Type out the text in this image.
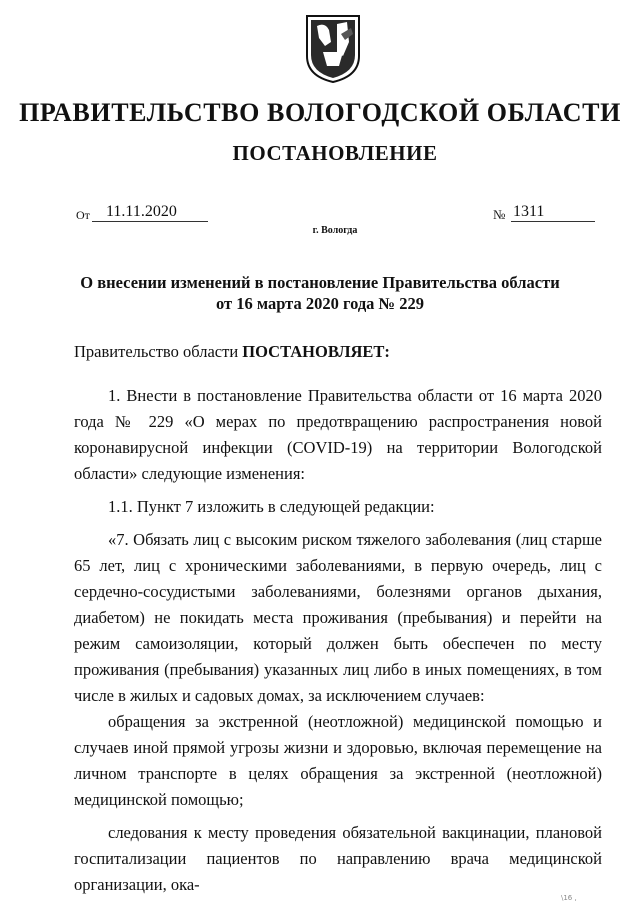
ПРАВИТЕЛЬСТВО ВОЛОГОДСКОЙ ОБЛАСТИ
ПОСТАНОВЛЕНИЕ
От	11.11.2020	№ 1311
г. Вологда
О внесении изменений в постановление Правительства области
от 16 марта 2020 года № 229
Правительство области ПОСТАНОВЛЯЕТ:

1. Внести в постановление Правительства области от 16 марта 2020 года № 229 «О мерах по предотвращению распространения новой коронавирусной инфекции (COVID-19) на территории Вологодской области» следующие изменения:

1.1. Пункт 7 изложить в следующей редакции:

«7. Обязать лиц с высоким риском тяжелого заболевания (лиц старше 65 лет, лиц с хроническими заболеваниями, в первую очередь, лиц с сердечно-сосудистыми заболеваниями, болезнями органов дыхания, диабетом) не покидать места проживания (пребывания) и перейти на режим самоизоляции, который должен быть обеспечен по месту проживания (пребывания) указанных лиц либо в иных помещениях, в том числе в жилых и садовых домах, за исключением случаев:

обращения за экстренной (неотложной) медицинской помощью и случаев иной прямой угрозы жизни и здоровью, включая перемещение на личном транспорте в целях обращения за экстренной (неотложной) медицинской помощью;

следования к месту проведения обязательной вакцинации, плановой госпитализации пациентов по направлению врача медицинской организации, ока-

\16 ,
